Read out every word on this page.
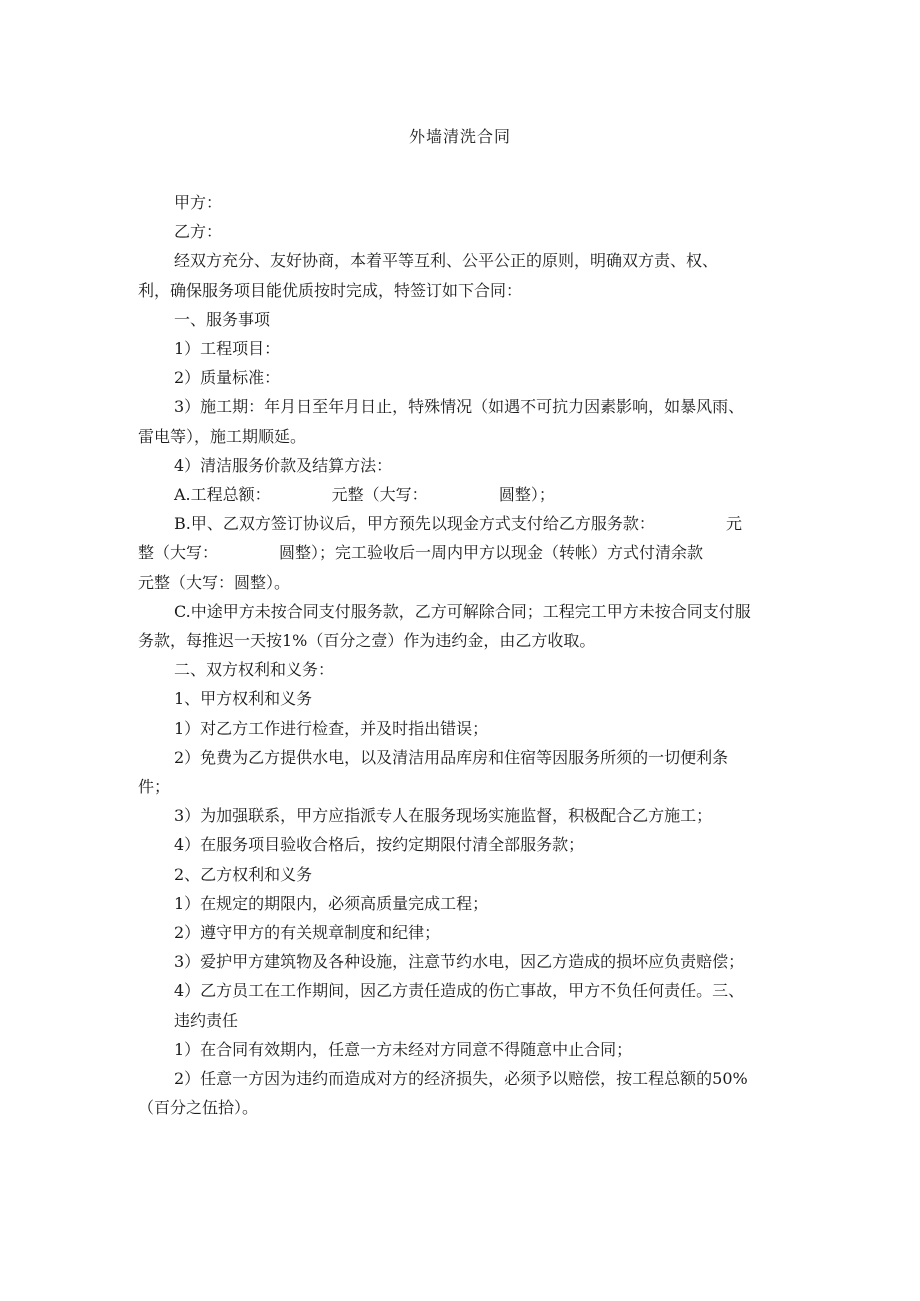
外墙清洗合同
甲方：
乙方：
经双方充分、友好协商，本着平等互利、公平公正的原则，明确双方责、权、
利，确保服务项目能优质按时完成，特签订如下合同：
一、服务事项
1）工程项目：
2）质量标准：
3）施工期：年月日至年月日止，特殊情况（如遇不可抗力因素影响，如暴风雨、
雷电等），施工期顺延。
4）清洁服务价款及结算方法：
A.工程总额：            元整（大写：              圆整）；
B.甲、乙双方签订协议后，甲方预先以现金方式支付给乙方服务款：              元
整（大写：            圆整）；完工验收后一周内甲方以现金（转帐）方式付清余款
元整（大写：圆整）。
C.中途甲方未按合同支付服务款，乙方可解除合同；工程完工甲方未按合同支付服
务款，每推迟一天按1%（百分之壹）作为违约金，由乙方收取。
二、双方权利和义务：
1、甲方权利和义务
1）对乙方工作进行检查，并及时指出错误；
2）免费为乙方提供水电，以及清洁用品库房和住宿等因服务所须的一切便利条
件；
3）为加强联系，甲方应指派专人在服务现场实施监督，积极配合乙方施工；
4）在服务项目验收合格后，按约定期限付清全部服务款；
2、乙方权利和义务
1）在规定的期限内，必须高质量完成工程；
2）遵守甲方的有关规章制度和纪律；
3）爱护甲方建筑物及各种设施，注意节约水电，因乙方造成的损坏应负责赔偿；
4）乙方员工在工作期间，因乙方责任造成的伤亡事故，甲方不负任何责任。三、
违约责任
1）在合同有效期内，任意一方未经对方同意不得随意中止合同；
2）任意一方因为违约而造成对方的经济损失，必须予以赔偿，按工程总额的50%
（百分之伍拾）。
